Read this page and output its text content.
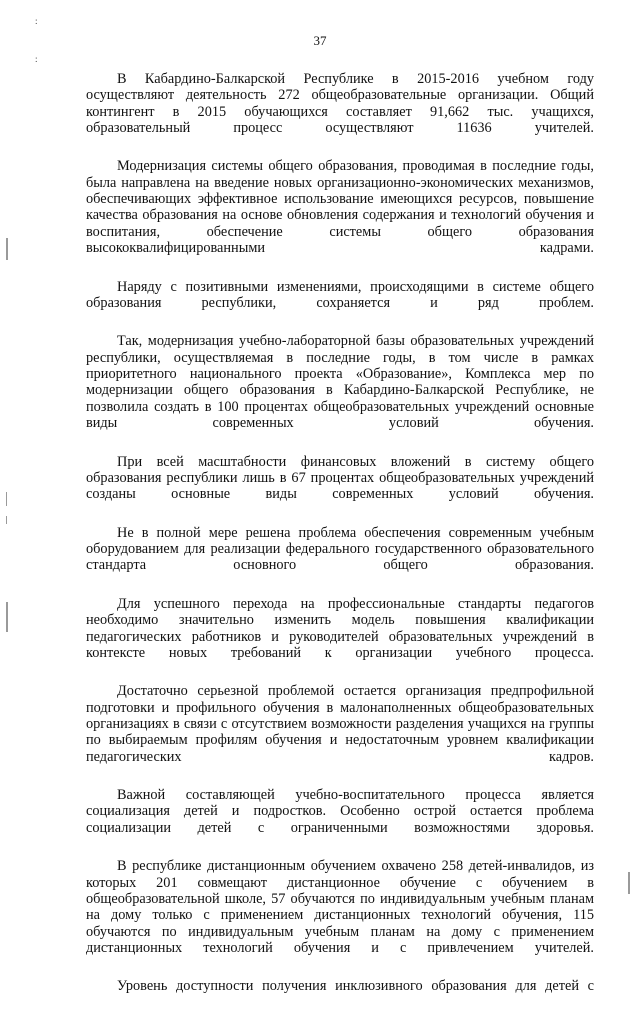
37
:
:

В Кабардино-Балкарской Республике в 2015-2016 учебном году осуществляют деятельность 272 общеобразовательные организации. Общий контингент в 2015 обучающихся составляет 91,662 тыс. учащихся, образовательный процесс осуществляют 11636 учителей.

Модернизация системы общего образования, проводимая в последние годы, была направлена на введение новых организационно-экономических механизмов, обеспечивающих эффективное использование имеющихся ресурсов, повышение качества образования на основе обновления содержания и технологий обучения и воспитания, обеспечение системы общего образования высококвалифицированными кадрами.

Наряду с позитивными изменениями, происходящими в системе общего образования республики, сохраняется и ряд проблем.

Так, модернизация учебно-лабораторной базы образовательных учреждений республики, осуществляемая в последние годы, в том числе в рамках приоритетного национального проекта «Образование», Комплекса мер по модернизации общего образования в Кабардино-Балкарской Республике, не позволила создать в 100 процентах общеобразовательных учреждений основные виды современных условий обучения.

При всей масштабности финансовых вложений в систему общего образования республики лишь в 67 процентах общеобразовательных учреждений созданы основные виды современных условий обучения.

Не в полной мере решена проблема обеспечения современным учебным оборудованием для реализации федерального государственного образовательного стандарта основного общего образования.

Для успешного перехода на профессиональные стандарты педагогов необходимо значительно изменить модель повышения квалификации педагогических работников и руководителей образовательных учреждений в контексте новых требований к организации учебного процесса.

Достаточно серьезной проблемой остается организация предпрофильной подготовки и профильного обучения в малонаполненных общеобразовательных организациях в связи с отсутствием возможности разделения учащихся на группы по выбираемым профилям обучения и недостаточным уровнем квалификации педагогических кадров.

Важной составляющей учебно-воспитательного процесса является социализация детей и подростков. Особенно острой остается проблема социализации детей с ограниченными возможностями здоровья.

В республике дистанционным обучением охвачено 258 детей-инвалидов, из которых 201 совмещают дистанционное обучение с обучением в общеобразовательной школе, 57 обучаются по индивидуальным учебным планам на дому только с применением дистанционных технологий обучения, 115 обучаются по индивидуальным учебным планам на дому с применением дистанционных технологий обучения и с привлечением учителей.

Уровень доступности получения инклюзивного образования для детей с
